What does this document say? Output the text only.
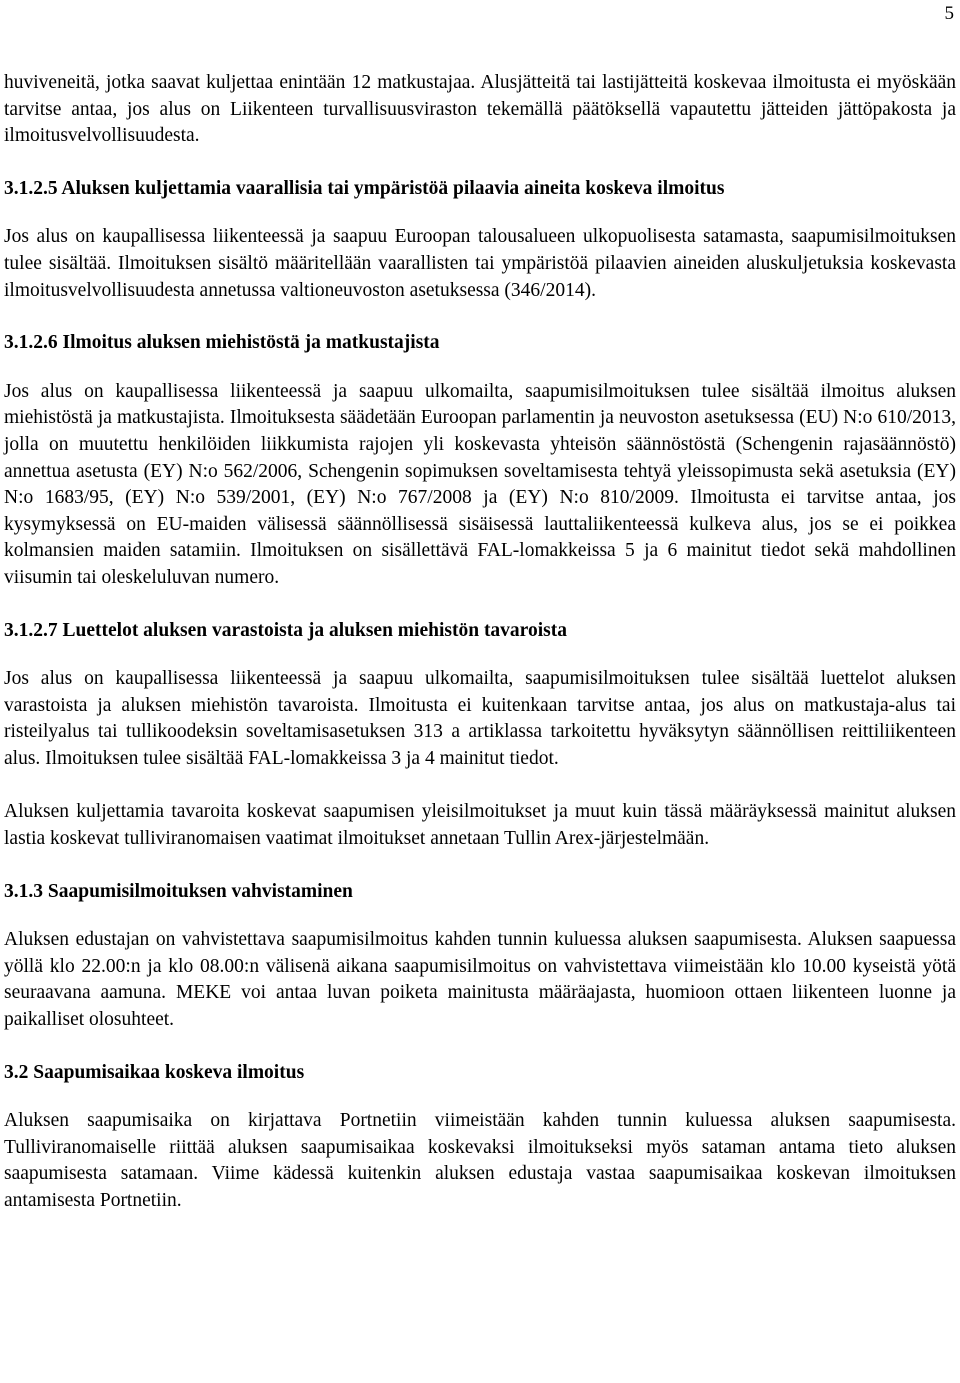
5

huviveneitä, jotka saavat kuljettaa enintään 12 matkustajaa. Alusjätteitä tai lastijätteitä koskevaa ilmoitusta ei myöskään tarvitse antaa, jos alus on Liikenteen turvallisuusviraston tekemällä päätöksellä vapautettu jätteiden jättöpakosta ja ilmoitusvelvollisuudesta.

3.1.2.5 Aluksen kuljettamia vaarallisia tai ympäristöä pilaavia aineita koskeva ilmoitus

Jos alus on kaupallisessa liikenteessä ja saapuu Euroopan talousalueen ulkopuolisesta satamasta, saapumisilmoituksen tulee sisältää. Ilmoituksen sisältö määritellään vaarallisten tai ympäristöä pilaavien aineiden aluskuljetuksia koskevasta ilmoitusvelvollisuudesta annetussa valtioneuvoston asetuksessa (346/2014).

3.1.2.6 Ilmoitus aluksen miehistöstä ja matkustajista

Jos alus on kaupallisessa liikenteessä ja saapuu ulkomailta, saapumisilmoituksen tulee sisältää ilmoitus aluksen miehistöstä ja matkustajista. Ilmoituksesta säädetään Euroopan parlamentin ja neuvoston asetuksessa (EU) N:o 610/2013, jolla on muutettu henkilöiden liikkumista rajojen yli koskevasta yhteisön säännöstöstä (Schengenin rajasäännöstö) annettua asetusta (EY) N:o 562/2006, Schengenin sopimuksen soveltamisesta tehtyä yleissopimusta sekä asetuksia (EY) N:o 1683/95, (EY) N:o 539/2001, (EY) N:o 767/2008 ja (EY) N:o 810/2009. Ilmoitusta ei tarvitse antaa, jos kysymyksessä on EU-maiden välisessä säännöllisessä sisäisessä lauttaliikenteessä kulkeva alus, jos se ei poikkea kolmansien maiden satamiin. Ilmoituksen on sisällettävä FAL-lomakkeissa 5 ja 6 mainitut tiedot sekä mahdollinen viisumin tai oleskeluluvan numero.

3.1.2.7 Luettelot aluksen varastoista ja aluksen miehistön tavaroista

Jos alus on kaupallisessa liikenteessä ja saapuu ulkomailta, saapumisilmoituksen tulee sisältää luettelot aluksen varastoista ja aluksen miehistön tavaroista. Ilmoitusta ei kuitenkaan tarvitse antaa, jos alus on matkustaja-alus tai risteilyalus tai tullikoodeksin soveltamisasetuksen 313 a artiklassa tarkoitettu hyväksytyn säännöllisen reittiliikenteen alus. Ilmoituksen tulee sisältää FAL-lomakkeissa 3 ja 4 mainitut tiedot.

Aluksen kuljettamia tavaroita koskevat saapumisen yleisilmoitukset ja muut kuin tässä määräyksessä mainitut aluksen lastia koskevat tulliviranomaisen vaatimat ilmoitukset annetaan Tullin Arex-järjestelmään.

3.1.3 Saapumisilmoituksen vahvistaminen

Aluksen edustajan on vahvistettava saapumisilmoitus kahden tunnin kuluessa aluksen saapumisesta. Aluksen saapuessa yöllä klo 22.00:n ja klo 08.00:n välisenä aikana saapumisilmoitus on vahvistettava viimeistään klo 10.00 kyseistä yötä seuraavana aamuna. MEKE voi antaa luvan poiketa mainitusta määräajasta, huomioon ottaen liikenteen luonne ja paikalliset olosuhteet.

3.2 Saapumisaikaa koskeva ilmoitus

Aluksen saapumisaika on kirjattava Portnetiin viimeistään kahden tunnin kuluessa aluksen saapumisesta. Tulliviranomaiselle riittää aluksen saapumisaikaa koskevaksi ilmoitukseksi myös sataman antama tieto aluksen saapumisesta satamaan. Viime kädessä kuitenkin aluksen edustaja vastaa saapumisaikaa koskevan ilmoituksen antamisesta Portnetiin.
